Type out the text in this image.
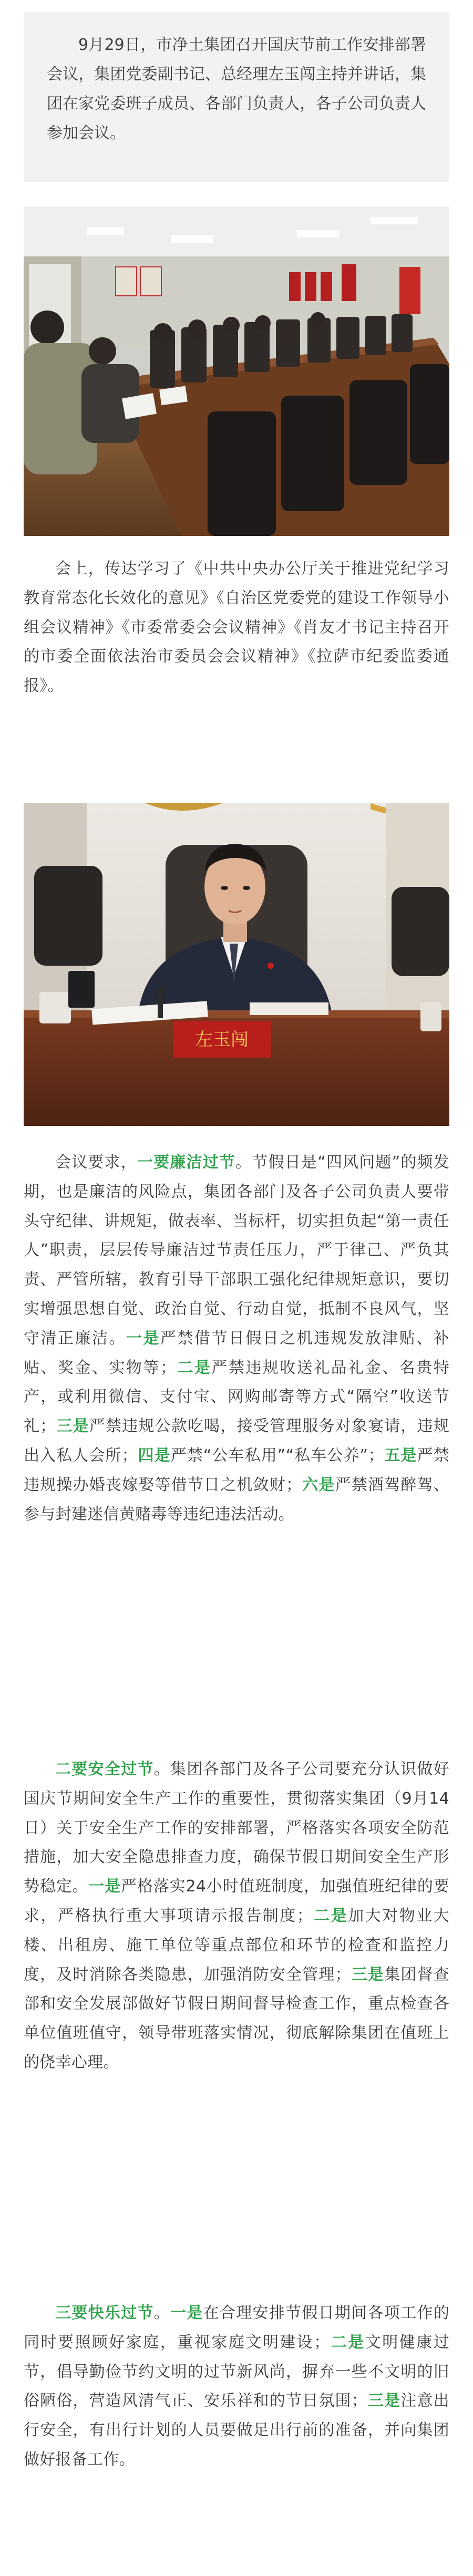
9月29日，市净土集团召开国庆节前工作安排部署会议，集团党委副书记、总经理左玉闯主持并讲话，集团在家党委班子成员、各部门负责人，各子公司负责人参加会议。

会上，传达学习了《中共中央办公厅关于推进党纪学习教育常态化长效化的意见》《自治区党委党的建设工作领导小组会议精神》《市委常委会会议精神》《肖友才书记主持召开的市委全面依法治市委员会会议精神》《拉萨市纪委监委通报》。

左玉闯

会议要求，一要廉洁过节。节假日是“四风问题”的频发期，也是廉洁的风险点，集团各部门及各子公司负责人要带头守纪律、讲规矩，做表率、当标杆，切实担负起“第一责任人”职责，层层传导廉洁过节责任压力，严于律己、严负其责、严管所辖，教育引导干部职工强化纪律规矩意识，要切实增强思想自觉、政治自觉、行动自觉，抵制不良风气，坚守清正廉洁。一是严禁借节日假日之机违规发放津贴、补贴、奖金、实物等；二是严禁违规收送礼品礼金、名贵特产，或利用微信、支付宝、网购邮寄等方式“隔空”收送节礼；三是严禁违规公款吃喝，接受管理服务对象宴请，违规出入私人会所；四是严禁“公车私用”“私车公养”；五是严禁违规操办婚丧嫁娶等借节日之机敛财；六是严禁酒驾醉驾、参与封建迷信黄赌毒等违纪违法活动。

二要安全过节。集团各部门及各子公司要充分认识做好国庆节期间安全生产工作的重要性，贯彻落实集团（9月14日）关于安全生产工作的安排部署，严格落实各项安全防范措施，加大安全隐患排查力度，确保节假日期间安全生产形势稳定。一是严格落实24小时值班制度，加强值班纪律的要求，严格执行重大事项请示报告制度；二是加大对物业大楼、出租房、施工单位等重点部位和环节的检查和监控力度，及时消除各类隐患，加强消防安全管理；三是集团督查部和安全发展部做好节假日期间督导检查工作，重点检查各单位值班值守，领导带班落实情况，彻底解除集团在值班上的侥幸心理。

三要快乐过节。一是在合理安排节假日期间各项工作的同时要照顾好家庭，重视家庭文明建设；二是文明健康过节，倡导勤俭节约文明的过节新风尚，摒弃一些不文明的旧俗陋俗，营造风清气正、安乐祥和的节日氛围；三是注意出行安全，有出行计划的人员要做足出行前的准备，并向集团做好报备工作。
